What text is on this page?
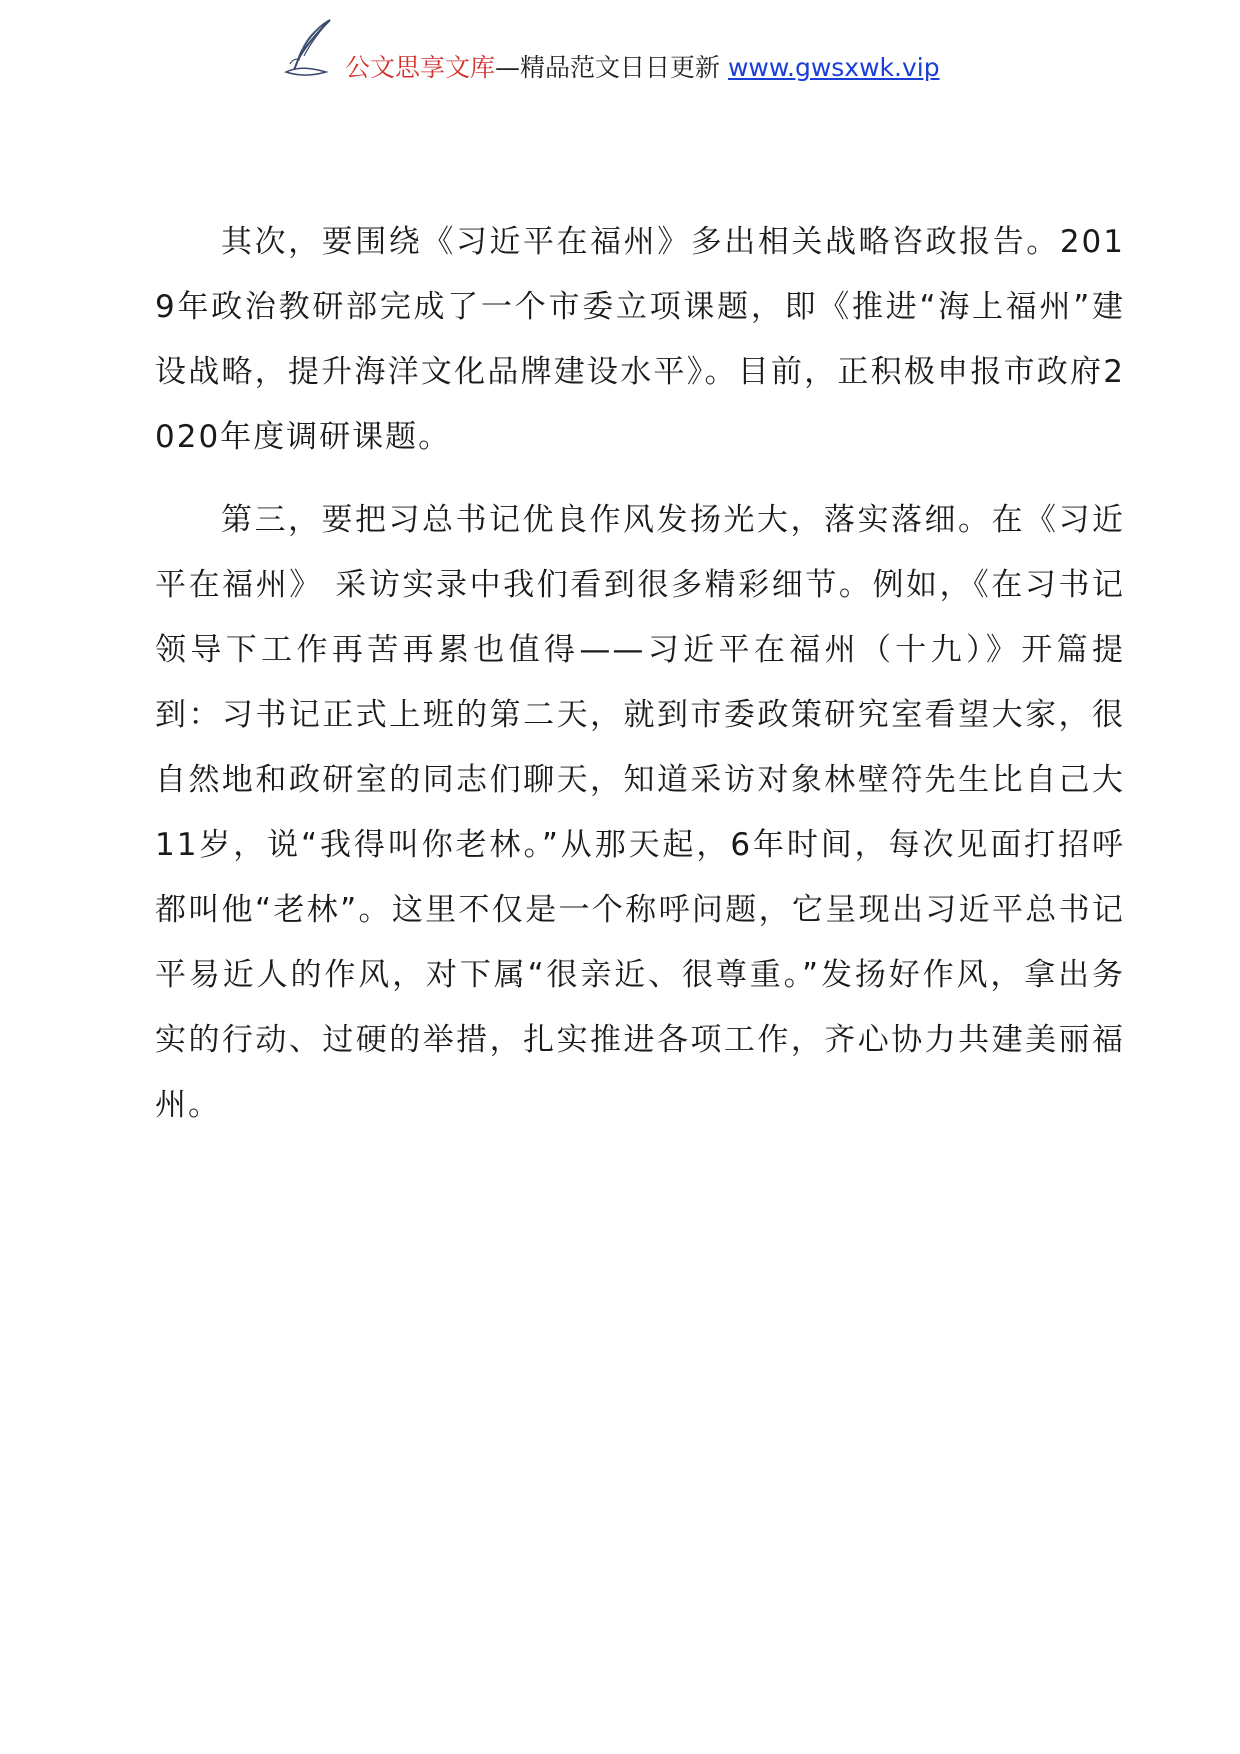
公文思享文库—精品范文日日更新 www.gwsxwk.vip

其次，要围绕《习近平在福州》多出相关战略咨政报告。2019年政治教研部完成了一个市委立项课题，即《推进“海上福州”建设战略，提升海洋文化品牌建设水平》。目前，正积极申报市政府2020年度调研课题。

第三，要把习总书记优良作风发扬光大，落实落细。在《习近平在福州》 采访实录中我们看到很多精彩细节。例如，《在习书记领导下工作再苦再累也值得——习近平在福州（十九）》开篇提到：习书记正式上班的第二天，就到市委政策研究室看望大家，很自然地和政研室的同志们聊天，知道采访对象林壁符先生比自己大11岁，说“我得叫你老林。”从那天起，6年时间，每次见面打招呼都叫他“老林”。这里不仅是一个称呼问题，它呈现出习近平总书记平易近人的作风，对下属“很亲近、很尊重。”发扬好作风，拿出务实的行动、过硬的举措，扎实推进各项工作，齐心协力共建美丽福州。
